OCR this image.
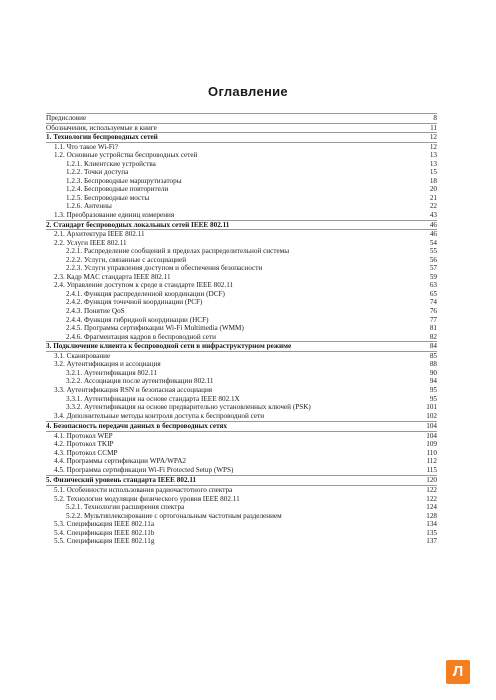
Оглавление
Предисловие	8
Обозначения, используемые в книге	11
1. Технологии беспроводных сетей	12
1.1. Что такое Wi-Fi?	12
1.2. Основные устройства беспроводных сетей	13
1.2.1. Клиентские устройства	13
1.2.2. Точки доступа	15
1.2.3. Беспроводные маршрутизаторы	18
1.2.4. Беспроводные повторители	20
1.2.5. Беспроводные мосты	21
1.2.6. Антенны	22
1.3. Преобразование единиц измерения	43
2. Стандарт беспроводных локальных сетей IEEE 802.11	46
2.1. Архитектура IEEE 802.11	46
2.2. Услуги IEEE 802.11	54
2.2.1. Распределение сообщений в пределах распределительной системы	55
2.2.2. Услуги, связанные с ассоциацией	56
2.2.3. Услуги управления доступом и обеспечения безопасности	57
2.3. Кадр MAC стандарта IEEE 802.11	59
2.4. Управление доступом к среде в стандарте IEEE 802.11	63
2.4.1. Функция распределенной координации (DCF)	65
2.4.2. Функция точечной координации (PCF)	74
2.4.3. Понятие QoS	76
2.4.4. Функция гибридной координации (HCF)	77
2.4.5. Программа сертификации Wi-Fi Multimedia (WMM)	81
2.4.6. Фрагментация кадров в беспроводной сети	82
3. Подключение клиента к беспроводной сети в инфраструктурном режиме	84
3.1. Сканирование	85
3.2. Аутентификация и ассоциация	88
3.2.1. Аутентификация 802.11	90
3.2.2. Ассоциация после аутентификации 802.11	94
3.3. Аутентификация RSN и безопасная ассоциация	95
3.3.1. Аутентификация на основе стандарта IEEE 802.1X	95
3.3.2. Аутентификация на основе предварительно установленных ключей (PSK)	101
3.4. Дополнительные методы контроля доступа к беспроводной сети	102
4. Безопасность передачи данных в беспроводных сетях	104
4.1. Протокол WEP	104
4.2. Протокол TKIP	109
4.3. Протокол CCMP	110
4.4. Программы сертификации WPA/WPA2	112
4.5. Программа сертификации Wi-Fi Protected Setup (WPS)	115
5. Физический уровень стандарта IEEE 802.11	120
5.1. Особенности использования радиочастотного спектра	122
5.2. Технологии модуляции физического уровня IEEE 802.11	122
5.2.1. Технологии расширения спектра	124
5.2.2. Мультиплексирование с ортогональным частотным разделением	128
5.3. Спецификация IEEE 802.11a	134
5.4. Спецификация IEEE 802.11b	135
5.5. Спецификация IEEE 802.11g	137
Л
